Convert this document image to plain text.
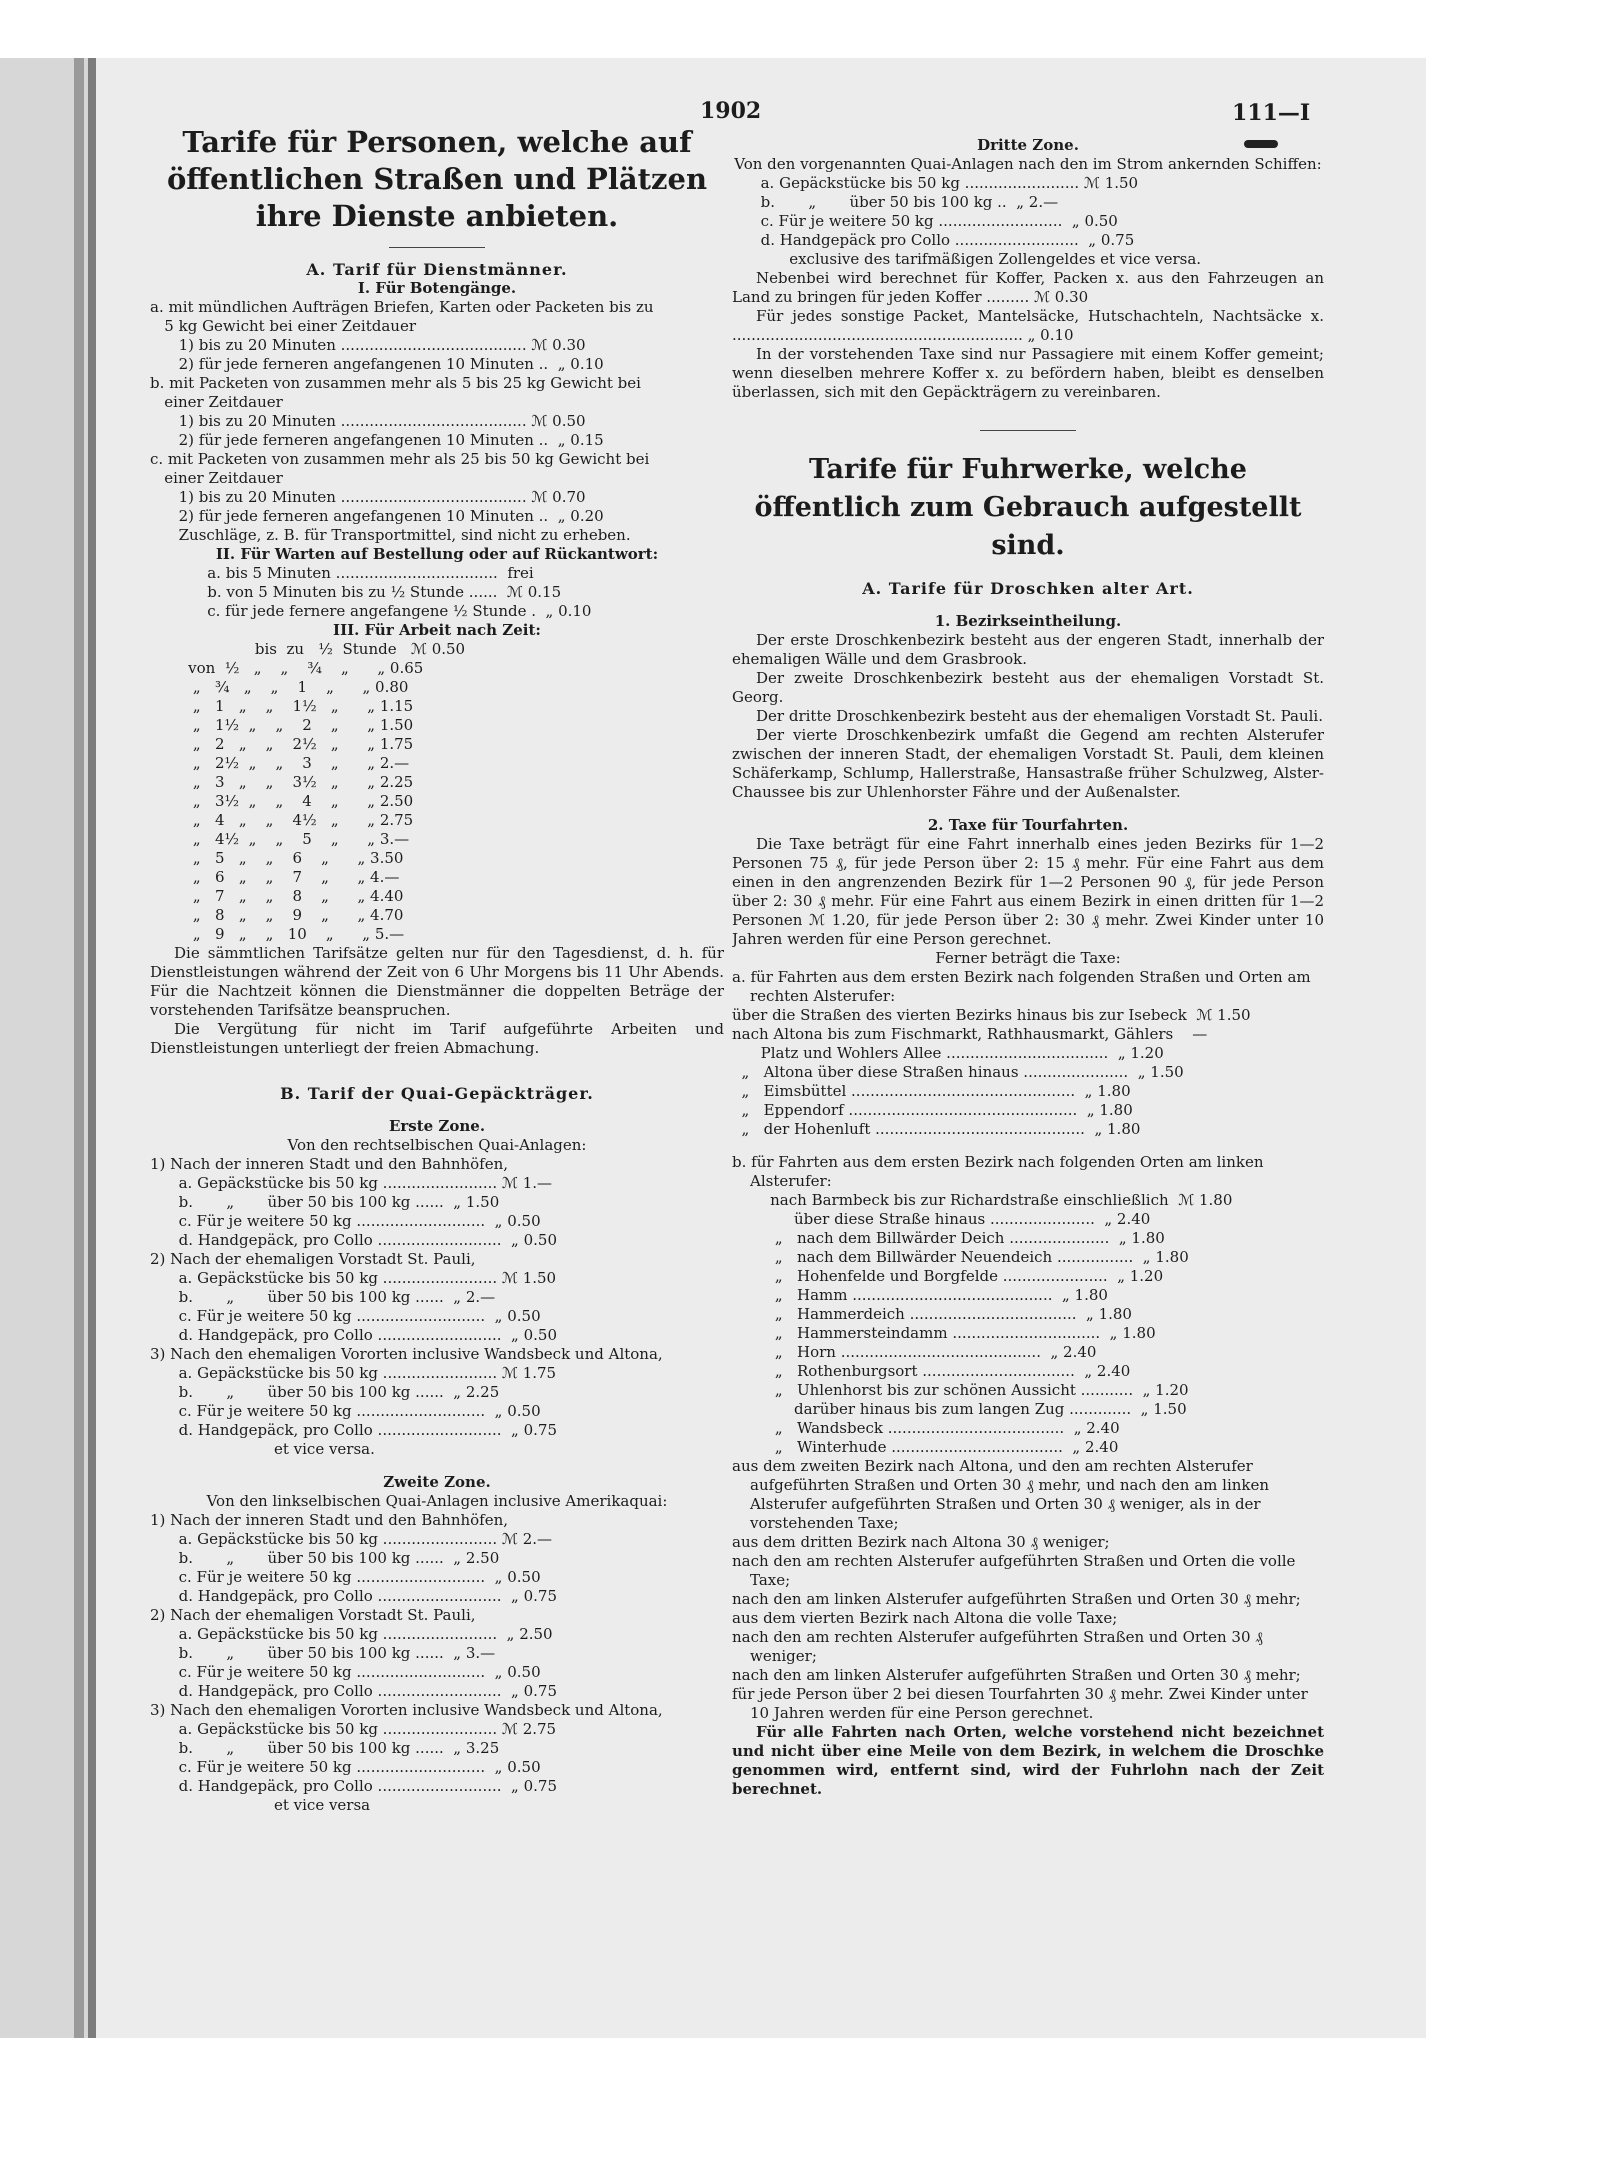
1902	111—I

Tarife für Personen, welche auf öffentlichen Straßen und Plätzen ihre Dienste anbieten.

A. Tarif für Dienstmänner.

I. Für Botengänge.

a. mit mündlichen Aufträgen Briefen, Karten oder Packeten bis zu

5 kg Gewicht bei einer Zeitdauer

1) bis zu 20 Minuten ....................................... ℳ 0.30

2) für jede ferneren angefangenen 10 Minuten ..  „ 0.10

b. mit Packeten von zusammen mehr als 5 bis 25 kg Gewicht bei

einer Zeitdauer

1) bis zu 20 Minuten ....................................... ℳ 0.50

2) für jede ferneren angefangenen 10 Minuten ..  „ 0.15

c. mit Packeten von zusammen mehr als 25 bis 50 kg Gewicht bei

einer Zeitdauer

1) bis zu 20 Minuten ....................................... ℳ 0.70

2) für jede ferneren angefangenen 10 Minuten ..  „ 0.20

Zuschläge, z. B. für Transportmittel, sind nicht zu erheben.

II. Für Warten auf Bestellung oder auf Rückantwort:

a. bis 5 Minuten ..................................  frei

b. von 5 Minuten bis zu ½ Stunde ......  ℳ 0.15

c. für jede fernere angefangene ½ Stunde .  „ 0.10

III. Für Arbeit nach Zeit:

bis  zu   ½  Stunde   ℳ 0.50

von  ½   „    „    ¾    „      „ 0.65

„   ¾   „    „    1    „      „ 0.80

„   1   „    „    1½   „      „ 1.15

„   1½  „    „    2    „      „ 1.50

„   2   „    „    2½   „      „ 1.75

„   2½  „    „    3    „      „ 2.—

„   3   „    „    3½   „      „ 2.25

„   3½  „    „    4    „      „ 2.50

„   4   „    „    4½   „      „ 2.75

„   4½  „    „    5    „      „ 3.—

„   5   „    „    6    „      „ 3.50

„   6   „    „    7    „      „ 4.—

„   7   „    „    8    „      „ 4.40

„   8   „    „    9    „      „ 4.70

„   9   „    „   10    „      „ 5.—

Die sämmtlichen Tarifsätze gelten nur für den Tagesdienst, d. h. für Dienstleistungen während der Zeit von 6 Uhr Morgens bis 11 Uhr Abends. Für die Nachtzeit können die Dienstmänner die doppelten Beträge der vorstehenden Tarifsätze beanspruchen.

Die Vergütung für nicht im Tarif aufgeführte Arbeiten und Dienstleistungen unterliegt der freien Abmachung.

B. Tarif der Quai-Gepäckträger.

Erste Zone.

Von den rechtselbischen Quai-Anlagen:

1) Nach der inneren Stadt und den Bahnhöfen,

a. Gepäckstücke bis 50 kg ........................ ℳ 1.—

b.       „       über 50 bis 100 kg ......  „ 1.50

c. Für je weitere 50 kg ...........................  „ 0.50

d. Handgepäck, pro Collo ..........................  „ 0.50

2) Nach der ehemaligen Vorstadt St. Pauli,

a. Gepäckstücke bis 50 kg ........................ ℳ 1.50

b.       „       über 50 bis 100 kg ......  „ 2.—

c. Für je weitere 50 kg ...........................  „ 0.50

d. Handgepäck, pro Collo ..........................  „ 0.50

3) Nach den ehemaligen Vororten inclusive Wandsbeck und Altona,

a. Gepäckstücke bis 50 kg ........................ ℳ 1.75

b.       „       über 50 bis 100 kg ......  „ 2.25

c. Für je weitere 50 kg ...........................  „ 0.50

d. Handgepäck, pro Collo ..........................  „ 0.75

et vice versa.

Zweite Zone.

Von den linkselbischen Quai-Anlagen inclusive Amerikaquai:

1) Nach der inneren Stadt und den Bahnhöfen,

a. Gepäckstücke bis 50 kg ........................ ℳ 2.—

b.       „       über 50 bis 100 kg ......  „ 2.50

c. Für je weitere 50 kg ...........................  „ 0.50

d. Handgepäck, pro Collo ..........................  „ 0.75

2) Nach der ehemaligen Vorstadt St. Pauli,

a. Gepäckstücke bis 50 kg ........................  „ 2.50

b.       „       über 50 bis 100 kg ......  „ 3.—

c. Für je weitere 50 kg ...........................  „ 0.50

d. Handgepäck, pro Collo ..........................  „ 0.75

3) Nach den ehemaligen Vororten inclusive Wandsbeck und Altona,

a. Gepäckstücke bis 50 kg ........................ ℳ 2.75

b.       „       über 50 bis 100 kg ......  „ 3.25

c. Für je weitere 50 kg ...........................  „ 0.50

d. Handgepäck, pro Collo ..........................  „ 0.75

et vice versa

Dritte Zone.

Von den vorgenannten Quai-Anlagen nach den im Strom ankernden Schiffen:

a. Gepäckstücke bis 50 kg ........................ ℳ 1.50

b.       „       über 50 bis 100 kg ..  „ 2.—

c. Für je weitere 50 kg ..........................  „ 0.50

d. Handgepäck pro Collo ..........................  „ 0.75

exclusive des tarifmäßigen Zollengeldes et vice versa.

Nebenbei wird berechnet für Koffer, Packen x. aus den Fahrzeugen an Land zu bringen für jeden Koffer ......... ℳ 0.30

Für jedes sonstige Packet, Mantelsäcke, Hutschachteln, Nachtsäcke x. ............................................................. „ 0.10

In der vorstehenden Taxe sind nur Passagiere mit einem Koffer gemeint; wenn dieselben mehrere Koffer x. zu befördern haben, bleibt es denselben überlassen, sich mit den Gepäckträgern zu vereinbaren.

Tarife für Fuhrwerke, welche öffentlich zum Gebrauch aufgestellt sind.

A. Tarife für Droschken alter Art.

1. Bezirkseintheilung.

Der erste Droschkenbezirk besteht aus der engeren Stadt, innerhalb der ehemaligen Wälle und dem Grasbrook.

Der zweite Droschkenbezirk besteht aus der ehemaligen Vorstadt St. Georg.

Der dritte Droschkenbezirk besteht aus der ehemaligen Vorstadt St. Pauli.

Der vierte Droschkenbezirk umfaßt die Gegend am rechten Alsterufer zwischen der inneren Stadt, der ehemaligen Vorstadt St. Pauli, dem kleinen Schäferkamp, Schlump, Hallerstraße, Hansastraße früher Schulzweg, Alster-Chaussee bis zur Uhlenhorster Fähre und der Außenalster.

2. Taxe für Tourfahrten.

Die Taxe beträgt für eine Fahrt innerhalb eines jeden Bezirks für 1—2 Personen 75 ₰, für jede Person über 2: 15 ₰ mehr. Für eine Fahrt aus dem einen in den angrenzenden Bezirk für 1—2 Personen 90 ₰, für jede Person über 2: 30 ₰ mehr. Für eine Fahrt aus einem Bezirk in einen dritten für 1—2 Personen ℳ 1.20, für jede Person über 2: 30 ₰ mehr. Zwei Kinder unter 10 Jahren werden für eine Person gerechnet.

Ferner beträgt die Taxe:

a. für Fahrten aus dem ersten Bezirk nach folgenden Straßen und Orten am rechten Alsterufer:

über die Straßen des vierten Bezirks hinaus bis zur Isebeck  ℳ 1.50

nach Altona bis zum Fischmarkt, Rathhausmarkt, Gählers    —

Platz und Wohlers Allee ..................................  „ 1.20

„   Altona über diese Straßen hinaus ......................  „ 1.50

„   Eimsbüttel ...............................................  „ 1.80

„   Eppendorf ................................................  „ 1.80

„   der Hohenluft ............................................  „ 1.80

b. für Fahrten aus dem ersten Bezirk nach folgenden Orten am linken Alsterufer:

nach Barmbeck bis zur Richardstraße einschließlich  ℳ 1.80

über diese Straße hinaus ......................  „ 2.40

„   nach dem Billwärder Deich .....................  „ 1.80

„   nach dem Billwärder Neuendeich ................  „ 1.80

„   Hohenfelde und Borgfelde ......................  „ 1.20

„   Hamm ..........................................  „ 1.80

„   Hammerdeich ...................................  „ 1.80

„   Hammersteindamm ...............................  „ 1.80

„   Horn ..........................................  „ 2.40

„   Rothenburgsort ................................  „ 2.40

„   Uhlenhorst bis zur schönen Aussicht ...........  „ 1.20

darüber hinaus bis zum langen Zug .............  „ 1.50

„   Wandsbeck .....................................  „ 2.40

„   Winterhude ....................................  „ 2.40

aus dem zweiten Bezirk nach Altona, und den am rechten Alsterufer aufgeführten Straßen und Orten 30 ₰ mehr, und nach den am linken Alsterufer aufgeführten Straßen und Orten 30 ₰ weniger, als in der vorstehenden Taxe;

aus dem dritten Bezirk nach Altona 30 ₰ weniger;

nach den am rechten Alsterufer aufgeführten Straßen und Orten die volle Taxe;

nach den am linken Alsterufer aufgeführten Straßen und Orten 30 ₰ mehr;

aus dem vierten Bezirk nach Altona die volle Taxe;

nach den am rechten Alsterufer aufgeführten Straßen und Orten 30 ₰ weniger;

nach den am linken Alsterufer aufgeführten Straßen und Orten 30 ₰ mehr;

für jede Person über 2 bei diesen Tourfahrten 30 ₰ mehr. Zwei Kinder unter 10 Jahren werden für eine Person gerechnet.

Für alle Fahrten nach Orten, welche vorstehend nicht bezeichnet und nicht über eine Meile von dem Bezirk, in welchem die Droschke genommen wird, entfernt sind, wird der Fuhrlohn nach der Zeit berechnet.
